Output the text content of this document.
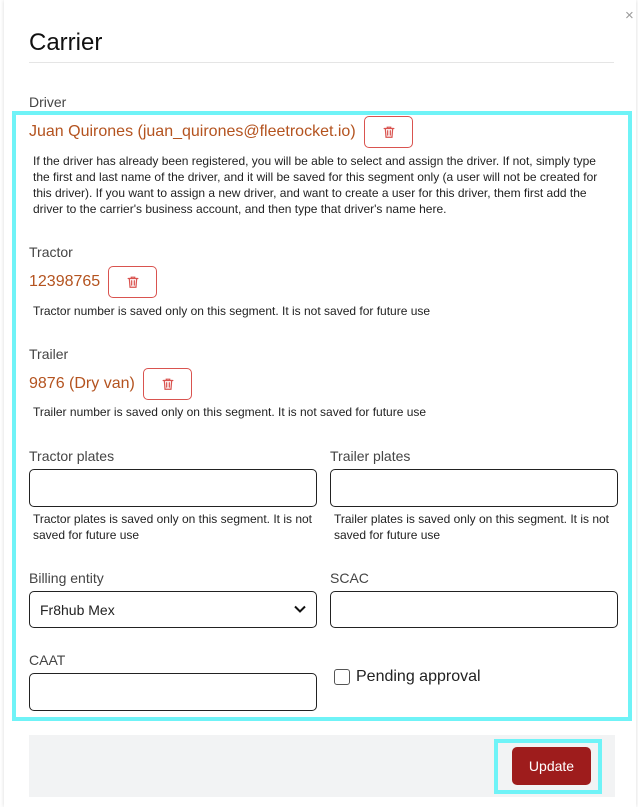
×
Carrier
Driver
Juan Quirones (juan_quirones@fleetrocket.io)

If the driver has already been registered, you will be able to select and assign the driver. If not, simply type the first and last name of the driver, and it will be saved for this segment only (a user will not be created for this driver). If you want to assign a new driver, and want to create a user for this driver, them first add the driver to the carrier's business account, and then type that driver's name here.

Tractor
12398765

Tractor number is saved only on this segment. It is not saved for future use

Trailer
9876 (Dry van)

Trailer number is saved only on this segment. It is not saved for future use

Tractor plates

Tractor plates is saved only on this segment. It is not saved for future use

Trailer plates

Trailer plates is saved only on this segment. It is not saved for future use

Billing entity
Fr8hub Mex
SCAC
CAAT
Pending approval
Update
